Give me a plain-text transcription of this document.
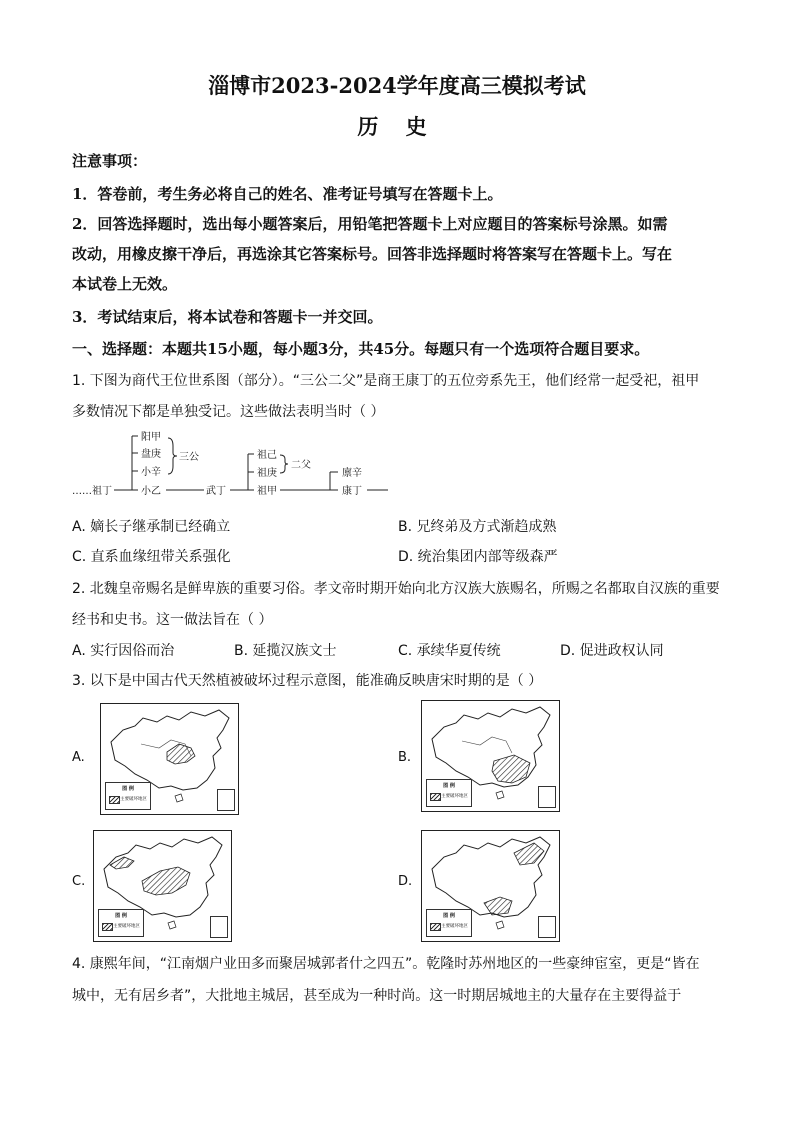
淄博市2023-2024学年度高三模拟考试
历 史
注意事项：
1．答卷前，考生务必将自己的姓名、准考证号填写在答题卡上。
2．回答选择题时，选出每小题答案后，用铅笔把答题卡上对应题目的答案标号涂黑。如需
改动，用橡皮擦干净后，再选涂其它答案标号。回答非选择题时将答案写在答题卡上。写在
本试卷上无效。
3．考试结束后，将本试卷和答题卡一并交回。
一、选择题：本题共15小题，每小题3分，共45分。每题只有一个选项符合题目要求。
1. 下图为商代王位世系图（部分）。“三公二父”是商王康丁的五位旁系先王，他们经常一起受祀，祖甲
多数情况下都是单独受记。这些做法表明当时（ ）
阳甲
盘庚
小辛
小乙
……祖丁
三公
武丁
祖己
祖庚
祖甲
二父
廪辛
康丁
A. 嫡长子继承制已经确立	B. 兄终弟及方式渐趋成熟
C. 直系血缘纽带关系强化	D. 统治集团内部等级森严
2. 北魏皇帝赐名是鲜卑族的重要习俗。孝文帝时期开始向北方汉族大族赐名，所赐之名都取自汉族的重要
经书和史书。这一做法旨在（ ）
A. 实行因俗而治	B. 延揽汉族文士	C. 承续华夏传统	D. 促进政权认同
3. 以下是中国古代天然植被破坏过程示意图，能准确反映唐宋时期的是（ ）
A.
图 例
主要破坏地区
B.
图 例
主要破坏地区
C.
图 例
主要破坏地区
D.
图 例
主要破坏地区
4. 康熙年间，“江南烟户业田多而聚居城郭者什之四五”。乾隆时苏州地区的一些豪绅宦室，更是“皆在
城中，无有居乡者”，大批地主城居，甚至成为一种时尚。这一时期居城地主的大量存在主要得益于
